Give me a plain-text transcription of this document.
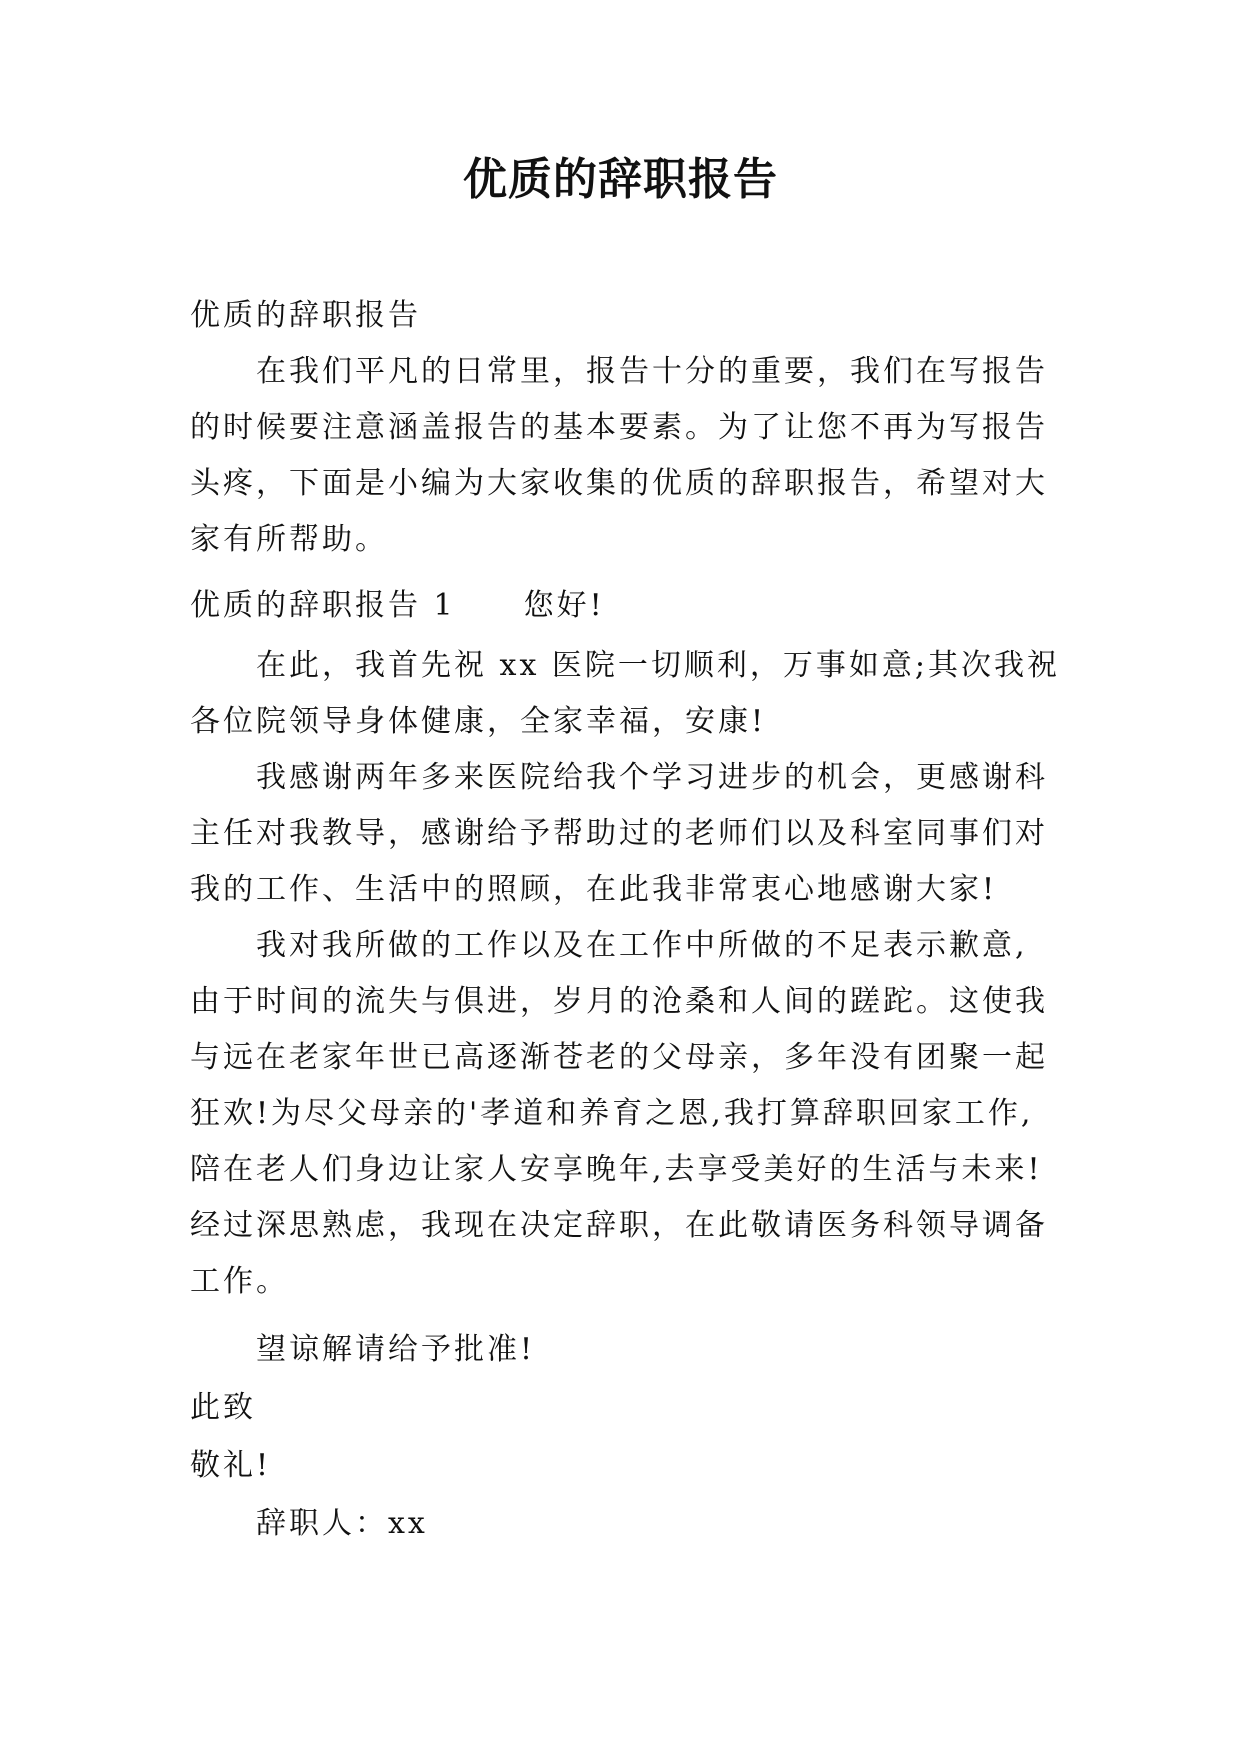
优质的辞职报告
优质的辞职报告
在我们平凡的日常里，报告十分的重要，我们在写报告
的时候要注意涵盖报告的基本要素。为了让您不再为写报告
头疼，下面是小编为大家收集的优质的辞职报告，希望对大
家有所帮助。
优质的辞职报告 1 您好!
在此，我首先祝 xx 医院一切顺利，万事如意;其次我祝
各位院领导身体健康，全家幸福，安康!
我感谢两年多来医院给我个学习进步的机会，更感谢科
主任对我教导，感谢给予帮助过的老师们以及科室同事们对
我的工作、生活中的照顾，在此我非常衷心地感谢大家!
我对我所做的工作以及在工作中所做的不足表示歉意,
由于时间的流失与俱进，岁月的沧桑和人间的蹉跎。这使我
与远在老家年世已高逐渐苍老的父母亲，多年没有团聚一起
狂欢!为尽父母亲的'孝道和养育之恩,我打算辞职回家工作,
陪在老人们身边让家人安享晚年,去享受美好的生活与未来!
经过深思熟虑，我现在决定辞职，在此敬请医务科领导调备
工作。
望谅解请给予批准!
此致
敬礼!
辞职人：xx
